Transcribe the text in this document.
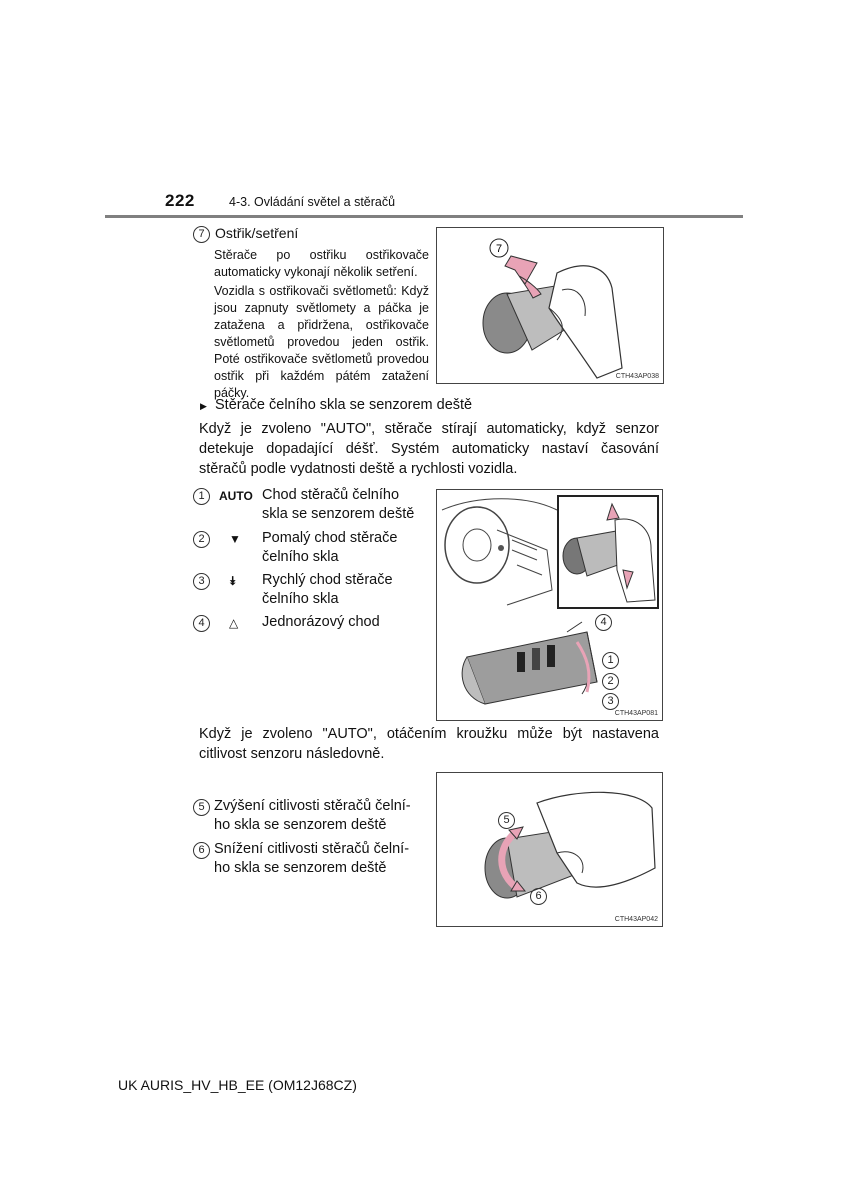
222	4-3. Ovládání světel a stěračů
7 Ostřik/setření
Stěrače po ostřiku ostřikovače automaticky vykonají několik setření.
Vozidla s ostřikovači světlometů: Když jsou zapnuty světlomety a páčka je zatažena a přidržena, ostřikovače světlometů provedou jeden ostřik. Poté ostřikovače světlometů provedou ostřik při každém pátém zatažení páčky.
7
CTH43AP038
▶ Stěrače čelního skla se senzorem deště
Když je zvoleno "AUTO", stěrače stírají automaticky, když senzor detekuje dopadající déšť. Systém automaticky nastaví časování stěračů podle vydatnosti deště a rychlosti vozidla.
1	AUTO Chod stěračů čelního
skla se senzorem deště
2	▼ Pomalý chod stěrače
čelního skla
3	⯯ Rychlý chod stěrače
čelního skla
4	△ Jednorázový chod	4
1
2
3
CTH43AP081
Když je zvoleno "AUTO", otáčením kroužku může být nastavena citlivost senzoru následovně.
5 Zvýšení citlivosti stěračů čelní-
ho skla se senzorem deště
6 Snížení citlivosti stěračů čelní-
ho skla se senzorem deště
5
6
CTH43AP042
UK AURIS_HV_HB_EE (OM12J68CZ)
